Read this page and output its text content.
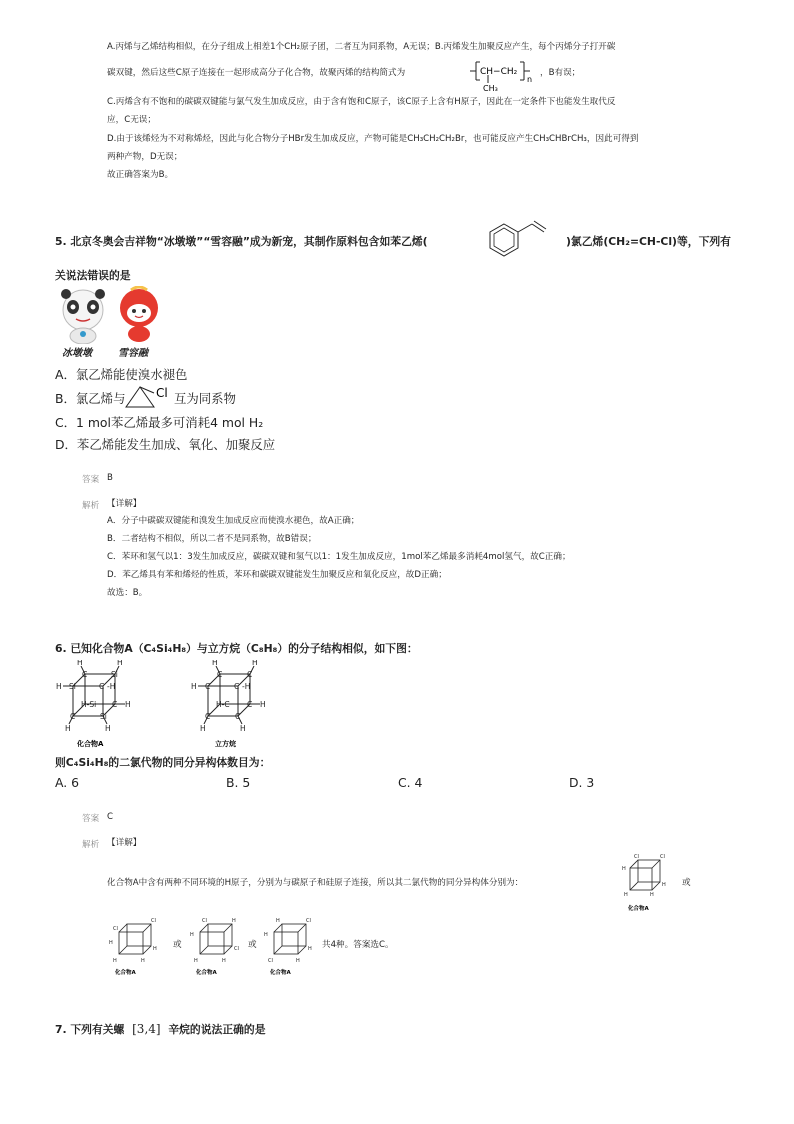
A.丙烯与乙烯结构相似，在分子组成上相差1个CH₂原子团，二者互为同系物，A无误；B.丙烯发生加聚反应产生，每个丙烯分子打开碳
碳双键，然后这些C原子连接在一起形成高分子化合物，故聚丙烯的结构简式为	CH−CH₂
n
CH₃
，B有误；
C.丙烯含有不饱和的碳碳双键能与氯气发生加成反应，由于含有饱和C原子，该C原子上含有H原子，因此在一定条件下也能发生取代反
应，C无误；
D.由于该烯烃为不对称烯烃，因此与化合物分子HBr发生加成反应，产物可能是CH₃CH₂CH₂Br，也可能反应产生CH₃CHBrCH₃，因此可得到
两种产物，D无误；
故正确答案为B。
5. 北京冬奥会吉祥物“冰墩墩”“雪容融”成为新宠，其制作原料包含如苯乙烯(	)氯乙烯(CH₂=CH-Cl)等，下列有
关说法错误的是
冰墩墩	雪容融
A．氯乙烯能使溴水褪色
B．氯乙烯与	Cl 互为同系物
C．1 mol苯乙烯最多可消耗4 mol H₂
D．苯乙烯能发生加成、氧化、加聚反应
答案 B
解析 【详解】
A．分子中碳碳双键能和溴发生加成反应而使溴水褪色，故A正确；
B．二者结构不相似，所以二者不是同系物，故B错误；
C．苯环和氢气以1：3发生加成反应，碳碳双键和氢气以1：1发生加成反应，1mol苯乙烯最多消耗4mol氢气，故C正确；
D．苯乙烯具有苯和烯烃的性质，苯环和碳碳双键能发生加聚反应和氧化反应，故D正确；
故选：B。
6. 已知化合物A（C₄Si₄H₈）与立方烷（C₈H₈）的分子结构相似，如下图：
H	H
C	Si
H Si	C -H
H-Si C H
C	Si
H	H
化合物A
H	H
C	C
H C	C -H
H-C C H
C	C
H	H
立方烷
则C₄Si₄H₈的二氯代物的同分异构体数目为：
A. 6	B. 5	C. 4	D. 3
答案 C
解析 【详解】
化合物A中含有两种不同环境的H原子，分别为与碳原子和硅原子连接，所以其二氯代物的同分异构体分别为：
Cl	Cl
H
H
H	H
化合物A
或
Cl
Cl
H
H
H	H
化合物A
或
Cl	H
H
Cl
H	H
化合物A
或
H	Cl
H
H
Cl	H
化合物A
共4种。答案选C。
7. 下列有关螺 [3,4] 辛烷的说法正确的是
